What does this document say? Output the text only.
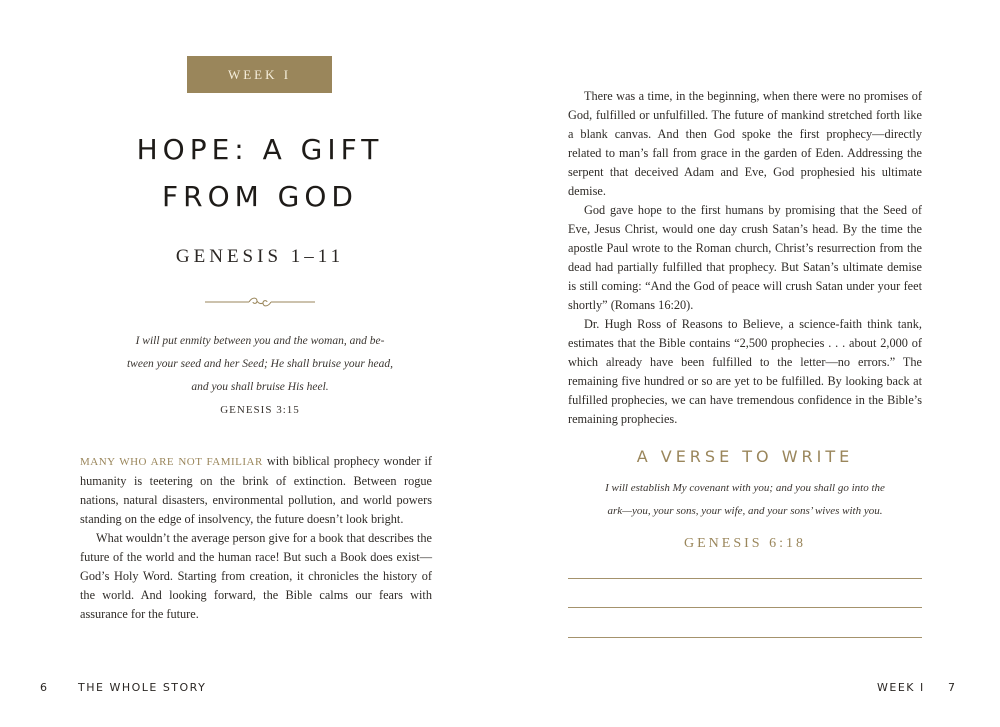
WEEK I
HOPE: A GIFT
FROM GOD
GENESIS 1–11
I will put enmity between you and the woman, and be-
tween your seed and her Seed; He shall bruise your head,
and you shall bruise His heel.
GENESIS 3:15

MANY WHO ARE NOT FAMILIAR with biblical prophecy wonder if humanity is teetering on the brink of extinction. Between rogue nations, natural disasters, environmental pollution, and world powers standing on the edge of insolvency, the future doesn’t look bright.

What wouldn’t the average person give for a book that describes the future of the world and the human race! But such a Book does exist—God’s Holy Word. Starting from creation, it chronicles the history of the world. And looking forward, the Bible calms our fears with assurance for the future.

6	THE WHOLE STORY

There was a time, in the beginning, when there were no promises of God, fulfilled or unfulfilled. The future of mankind stretched forth like a blank canvas. And then God spoke the first prophecy—directly related to man’s fall from grace in the garden of Eden. Addressing the serpent that deceived Adam and Eve, God prophesied his ultimate demise.

God gave hope to the first humans by promising that the Seed of Eve, Jesus Christ, would one day crush Satan’s head. By the time the apostle Paul wrote to the Roman church, Christ’s resurrection from the dead had partially fulfilled that prophecy. But Satan’s ultimate demise is still coming: “And the God of peace will crush Satan under your feet shortly” (Romans 16:20).

Dr. Hugh Ross of Reasons to Believe, a science-faith think tank, estimates that the Bible contains “2,500 prophecies . . . about 2,000 of which already have been fulfilled to the letter—no errors.” The remaining five hundred or so are yet to be fulfilled. By looking back at fulfilled prophecies, we can have tremendous confidence in the Bible’s remaining prophecies.

A VERSE TO WRITE
I will establish My covenant with you; and you shall go into the
ark—you, your sons, your wife, and your sons’ wives with you.
GENESIS 6:18
WEEK I 7
